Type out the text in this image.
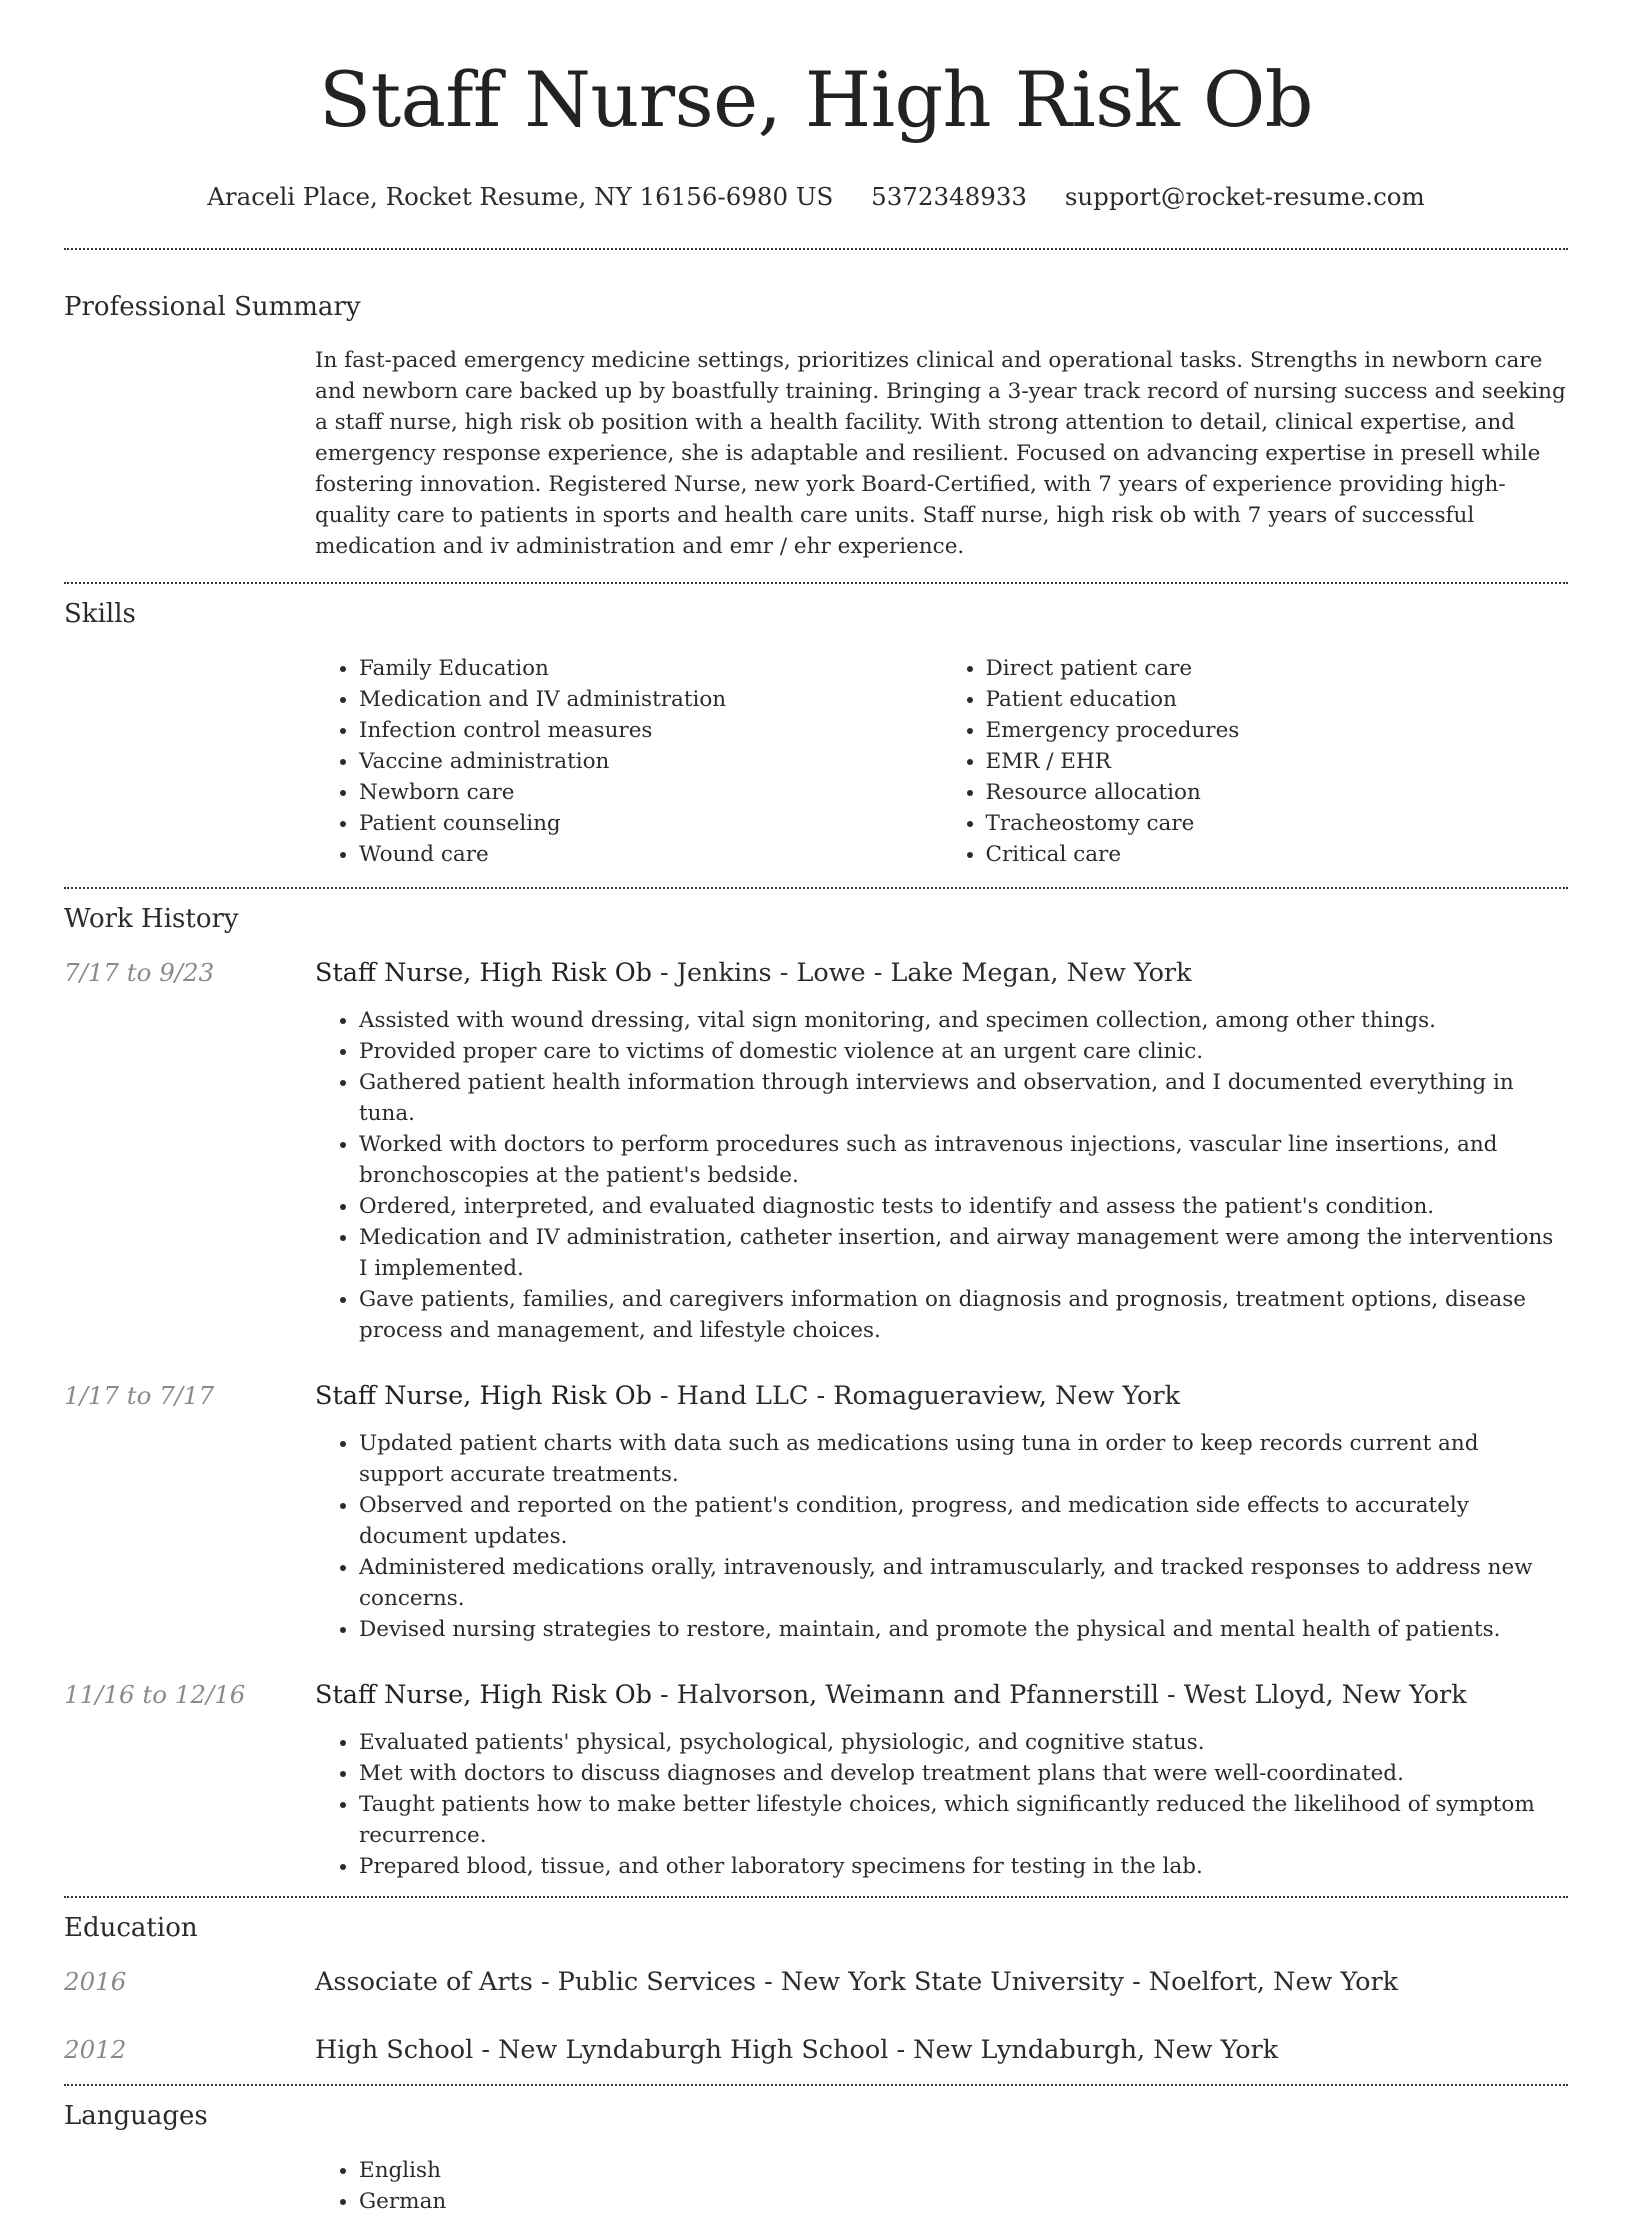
Staff Nurse, High Risk Ob
Araceli Place, Rocket Resume, NY 16156-6980 US 5372348933 support@rocket-resume.com
Professional Summary
In fast-paced emergency medicine settings, prioritizes clinical and operational tasks. Strengths in newborn care and newborn care backed up by boastfully training. Bringing a 3-year track record of nursing success and seeking a staff nurse, high risk ob position with a health facility. With strong attention to detail, clinical expertise, and emergency response experience, she is adaptable and resilient. Focused on advancing expertise in presell while fostering innovation. Registered Nurse, new york Board-Certified, with 7 years of experience providing high-quality care to patients in sports and health care units. Staff nurse, high risk ob with 7 years of successful medication and iv administration and emr / ehr experience.
Skills
• Family Education
• Medication and IV administration
• Infection control measures
• Vaccine administration
• Newborn care
• Patient counseling
• Wound care
• Direct patient care
• Patient education
• Emergency procedures
• EMR / EHR
• Resource allocation
• Tracheostomy care
• Critical care
Work History
7/17 to 9/23	Staff Nurse, High Risk Ob - Jenkins - Lowe - Lake Megan, New York
• Assisted with wound dressing, vital sign monitoring, and specimen collection, among other things.
• Provided proper care to victims of domestic violence at an urgent care clinic.
• Gathered patient health information through interviews and observation, and I documented everything in tuna.
• Worked with doctors to perform procedures such as intravenous injections, vascular line insertions, and bronchoscopies at the patient's bedside.
• Ordered, interpreted, and evaluated diagnostic tests to identify and assess the patient's condition.
• Medication and IV administration, catheter insertion, and airway management were among the interventions I implemented.
• Gave patients, families, and caregivers information on diagnosis and prognosis, treatment options, disease process and management, and lifestyle choices.
1/17 to 7/17	Staff Nurse, High Risk Ob - Hand LLC - Romagueraview, New York
• Updated patient charts with data such as medications using tuna in order to keep records current and support accurate treatments.
• Observed and reported on the patient's condition, progress, and medication side effects to accurately document updates.
• Administered medications orally, intravenously, and intramuscularly, and tracked responses to address new concerns.
• Devised nursing strategies to restore, maintain, and promote the physical and mental health of patients.
11/16 to 12/16	Staff Nurse, High Risk Ob - Halvorson, Weimann and Pfannerstill - West Lloyd, New York
• Evaluated patients' physical, psychological, physiologic, and cognitive status.
• Met with doctors to discuss diagnoses and develop treatment plans that were well-coordinated.
• Taught patients how to make better lifestyle choices, which significantly reduced the likelihood of symptom recurrence.
• Prepared blood, tissue, and other laboratory specimens for testing in the lab.
Education
2016	Associate of Arts - Public Services - New York State University - Noelfort, New York
2012	High School - New Lyndaburgh High School - New Lyndaburgh, New York
Languages
• English
• German
